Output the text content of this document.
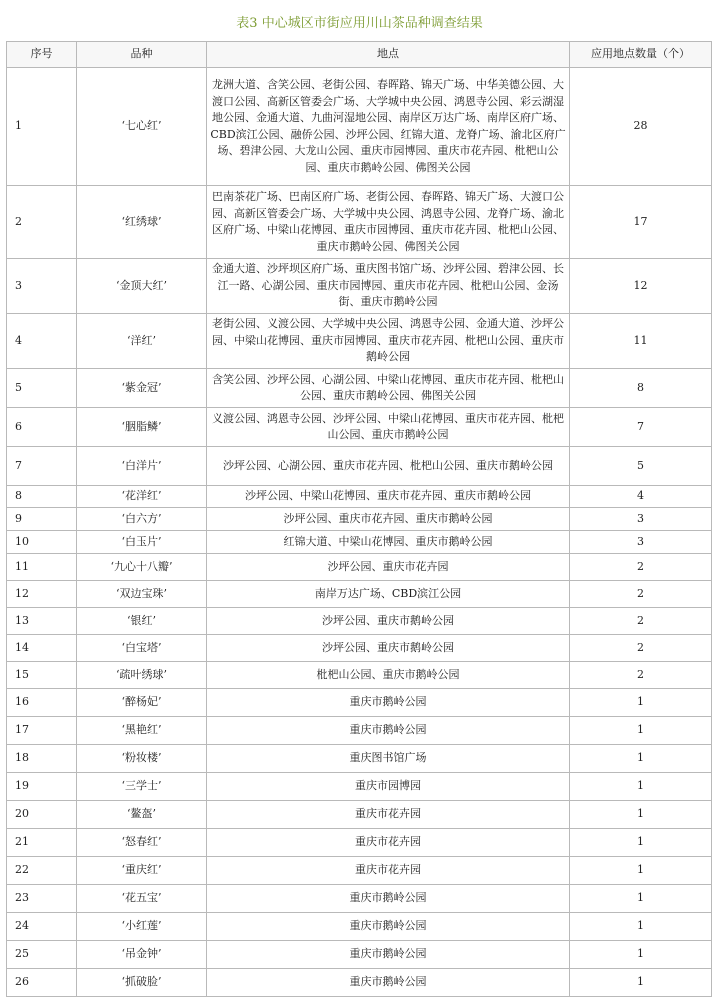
表3 中心城区市街应用川山茶品种调查结果
序号	品种	地点	应用地点数量（个）
1	‘七心红’	龙洲大道、含笑公园、老街公园、春晖路、锦天广场、中华美德公园、大渡口公园、高新区管委会广场、大学城中央公园、鸿恩寺公园、彩云湖湿地公园、金通大道、九曲河湿地公园、南岸区万达广场、南岸区府广场、CBD滨江公园、融侨公园、沙坪公园、红锦大道、龙脊广场、渝北区府广场、碧津公园、大龙山公园、重庆市园博园、重庆市花卉园、枇杷山公园、重庆市鹅岭公园、佛图关公园	28
2	‘红绣球’	巴南茶花广场、巴南区府广场、老街公园、春晖路、锦天广场、大渡口公园、高新区管委会广场、大学城中央公园、鸿恩寺公园、龙脊广场、渝北区府广场、中梁山花博园、重庆市园博园、重庆市花卉园、枇杷山公园、重庆市鹅岭公园、佛图关公园	17
3	‘金顶大红’	金通大道、沙坪坝区府广场、重庆图书馆广场、沙坪公园、碧津公园、长江一路、心湖公园、重庆市园博园、重庆市花卉园、枇杷山公园、金汤街、重庆市鹅岭公园	12
4	‘洋红’	老街公园、义渡公园、大学城中央公园、鸿恩寺公园、金通大道、沙坪公园、中梁山花博园、重庆市园博园、重庆市花卉园、枇杷山公园、重庆市鹅岭公园	11
5	‘紫金冠’	含笑公园、沙坪公园、心湖公园、中梁山花博园、重庆市花卉园、枇杷山公园、重庆市鹅岭公园、佛图关公园	8
6	‘胭脂鳞’	义渡公园、鸿恩寺公园、沙坪公园、中梁山花博园、重庆市花卉园、枇杷山公园、重庆市鹅岭公园	7
7	‘白洋片’	沙坪公园、心湖公园、重庆市花卉园、枇杷山公园、重庆市鹅岭公园	5
8	‘花洋红’	沙坪公园、中梁山花博园、重庆市花卉园、重庆市鹅岭公园	4
9	‘白六方’	沙坪公园、重庆市花卉园、重庆市鹅岭公园	3
10	‘白玉片’	红锦大道、中梁山花博园、重庆市鹅岭公园	3
11	‘九心十八瓣’	沙坪公园、重庆市花卉园	2
12	‘双边宝珠’	南岸万达广场、CBD滨江公园	2
13	‘银红’	沙坪公园、重庆市鹅岭公园	2
14	‘白宝塔’	沙坪公园、重庆市鹅岭公园	2
15	‘疏叶绣球’	枇杷山公园、重庆市鹅岭公园	2
16	‘醉杨妃’	重庆市鹅岭公园	1
17	‘黑艳红’	重庆市鹅岭公园	1
18	‘粉妆楼’	重庆图书馆广场	1
19	‘三学士’	重庆市园博园	1
20	‘鳌盔’	重庆市花卉园	1
21	‘怒春红’	重庆市花卉园	1
22	‘重庆红’	重庆市花卉园	1
23	‘花五宝’	重庆市鹅岭公园	1
24	‘小红莲’	重庆市鹅岭公园	1
25	‘吊金钟’	重庆市鹅岭公园	1
26	‘抓破脸’	重庆市鹅岭公园	1
